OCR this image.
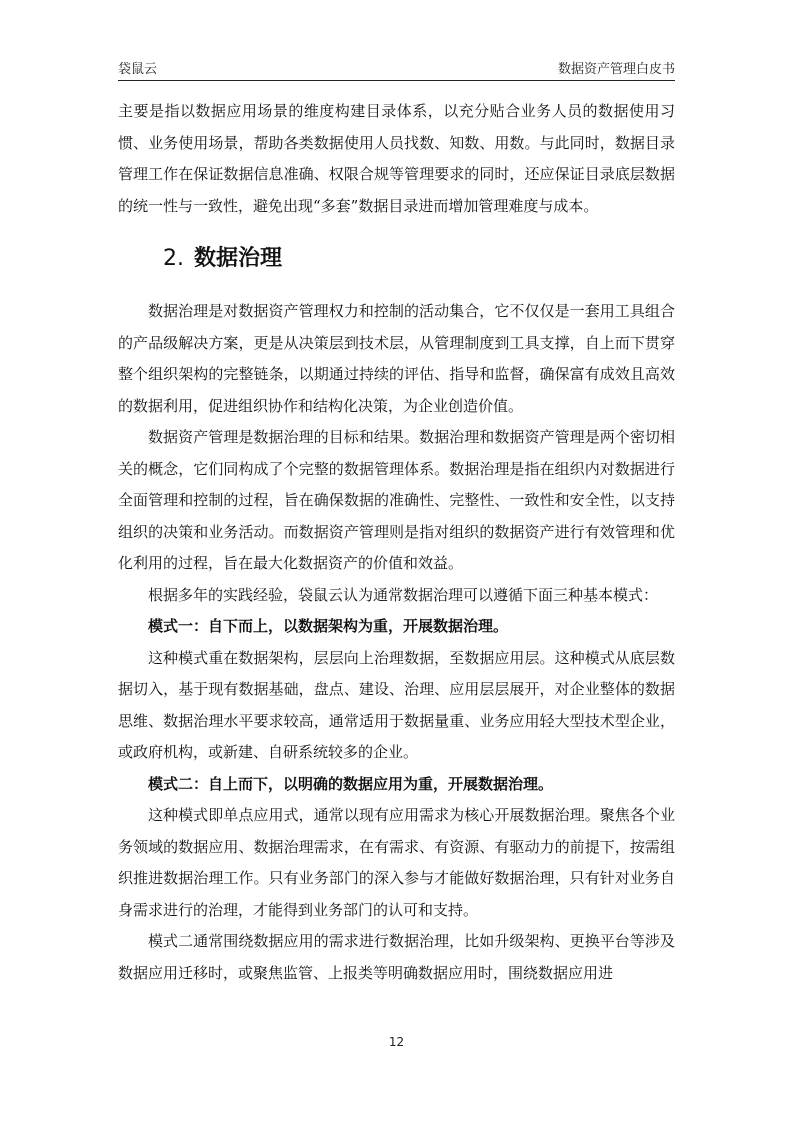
袋鼠云	数据资产管理白皮书

主要是指以数据应用场景的维度构建目录体系，以充分贴合业务人员的数据使用习惯、业务使用场景，帮助各类数据使用人员找数、知数、用数。与此同时，数据目录管理工作在保证数据信息准确、权限合规等管理要求的同时，还应保证目录底层数据的统一性与一致性，避免出现“多套”数据目录进而增加管理难度与成本。

2. 数据治理

数据治理是对数据资产管理权力和控制的活动集合，它不仅仅是一套用工具组合的产品级解决方案，更是从决策层到技术层，从管理制度到工具支撑，自上而下贯穿整个组织架构的完整链条，以期通过持续的评估、指导和监督，确保富有成效且高效的数据利用，促进组织协作和结构化决策，为企业创造价值。

数据资产管理是数据治理的目标和结果。数据治理和数据资产管理是两个密切相关的概念，它们同构成了个完整的数据管理体系。数据治理是指在组织内对数据进行全面管理和控制的过程，旨在确保数据的准确性、完整性、一致性和安全性，以支持组织的决策和业务活动。而数据资产管理则是指对组织的数据资产进行有效管理和优化利用的过程，旨在最大化数据资产的价值和效益。

根据多年的实践经验，袋鼠云认为通常数据治理可以遵循下面三种基本模式：

模式一：自下而上，以数据架构为重，开展数据治理。

这种模式重在数据架构，层层向上治理数据，至数据应用层。这种模式从底层数据切入，基于现有数据基础，盘点、建设、治理、应用层层展开，对企业整体的数据思维、数据治理水平要求较高，通常适用于数据量重、业务应用轻大型技术型企业，或政府机构，或新建、自研系统较多的企业。

模式二：自上而下，以明确的数据应用为重，开展数据治理。

这种模式即单点应用式，通常以现有应用需求为核心开展数据治理。聚焦各个业务领域的数据应用、数据治理需求，在有需求、有资源、有驱动力的前提下，按需组织推进数据治理工作。只有业务部门的深入参与才能做好数据治理，只有针对业务自身需求进行的治理，才能得到业务部门的认可和支持。

模式二通常围绕数据应用的需求进行数据治理，比如升级架构、更换平台等涉及数据应用迁移时，或聚焦监管、上报类等明确数据应用时，围绕数据应用进

12
